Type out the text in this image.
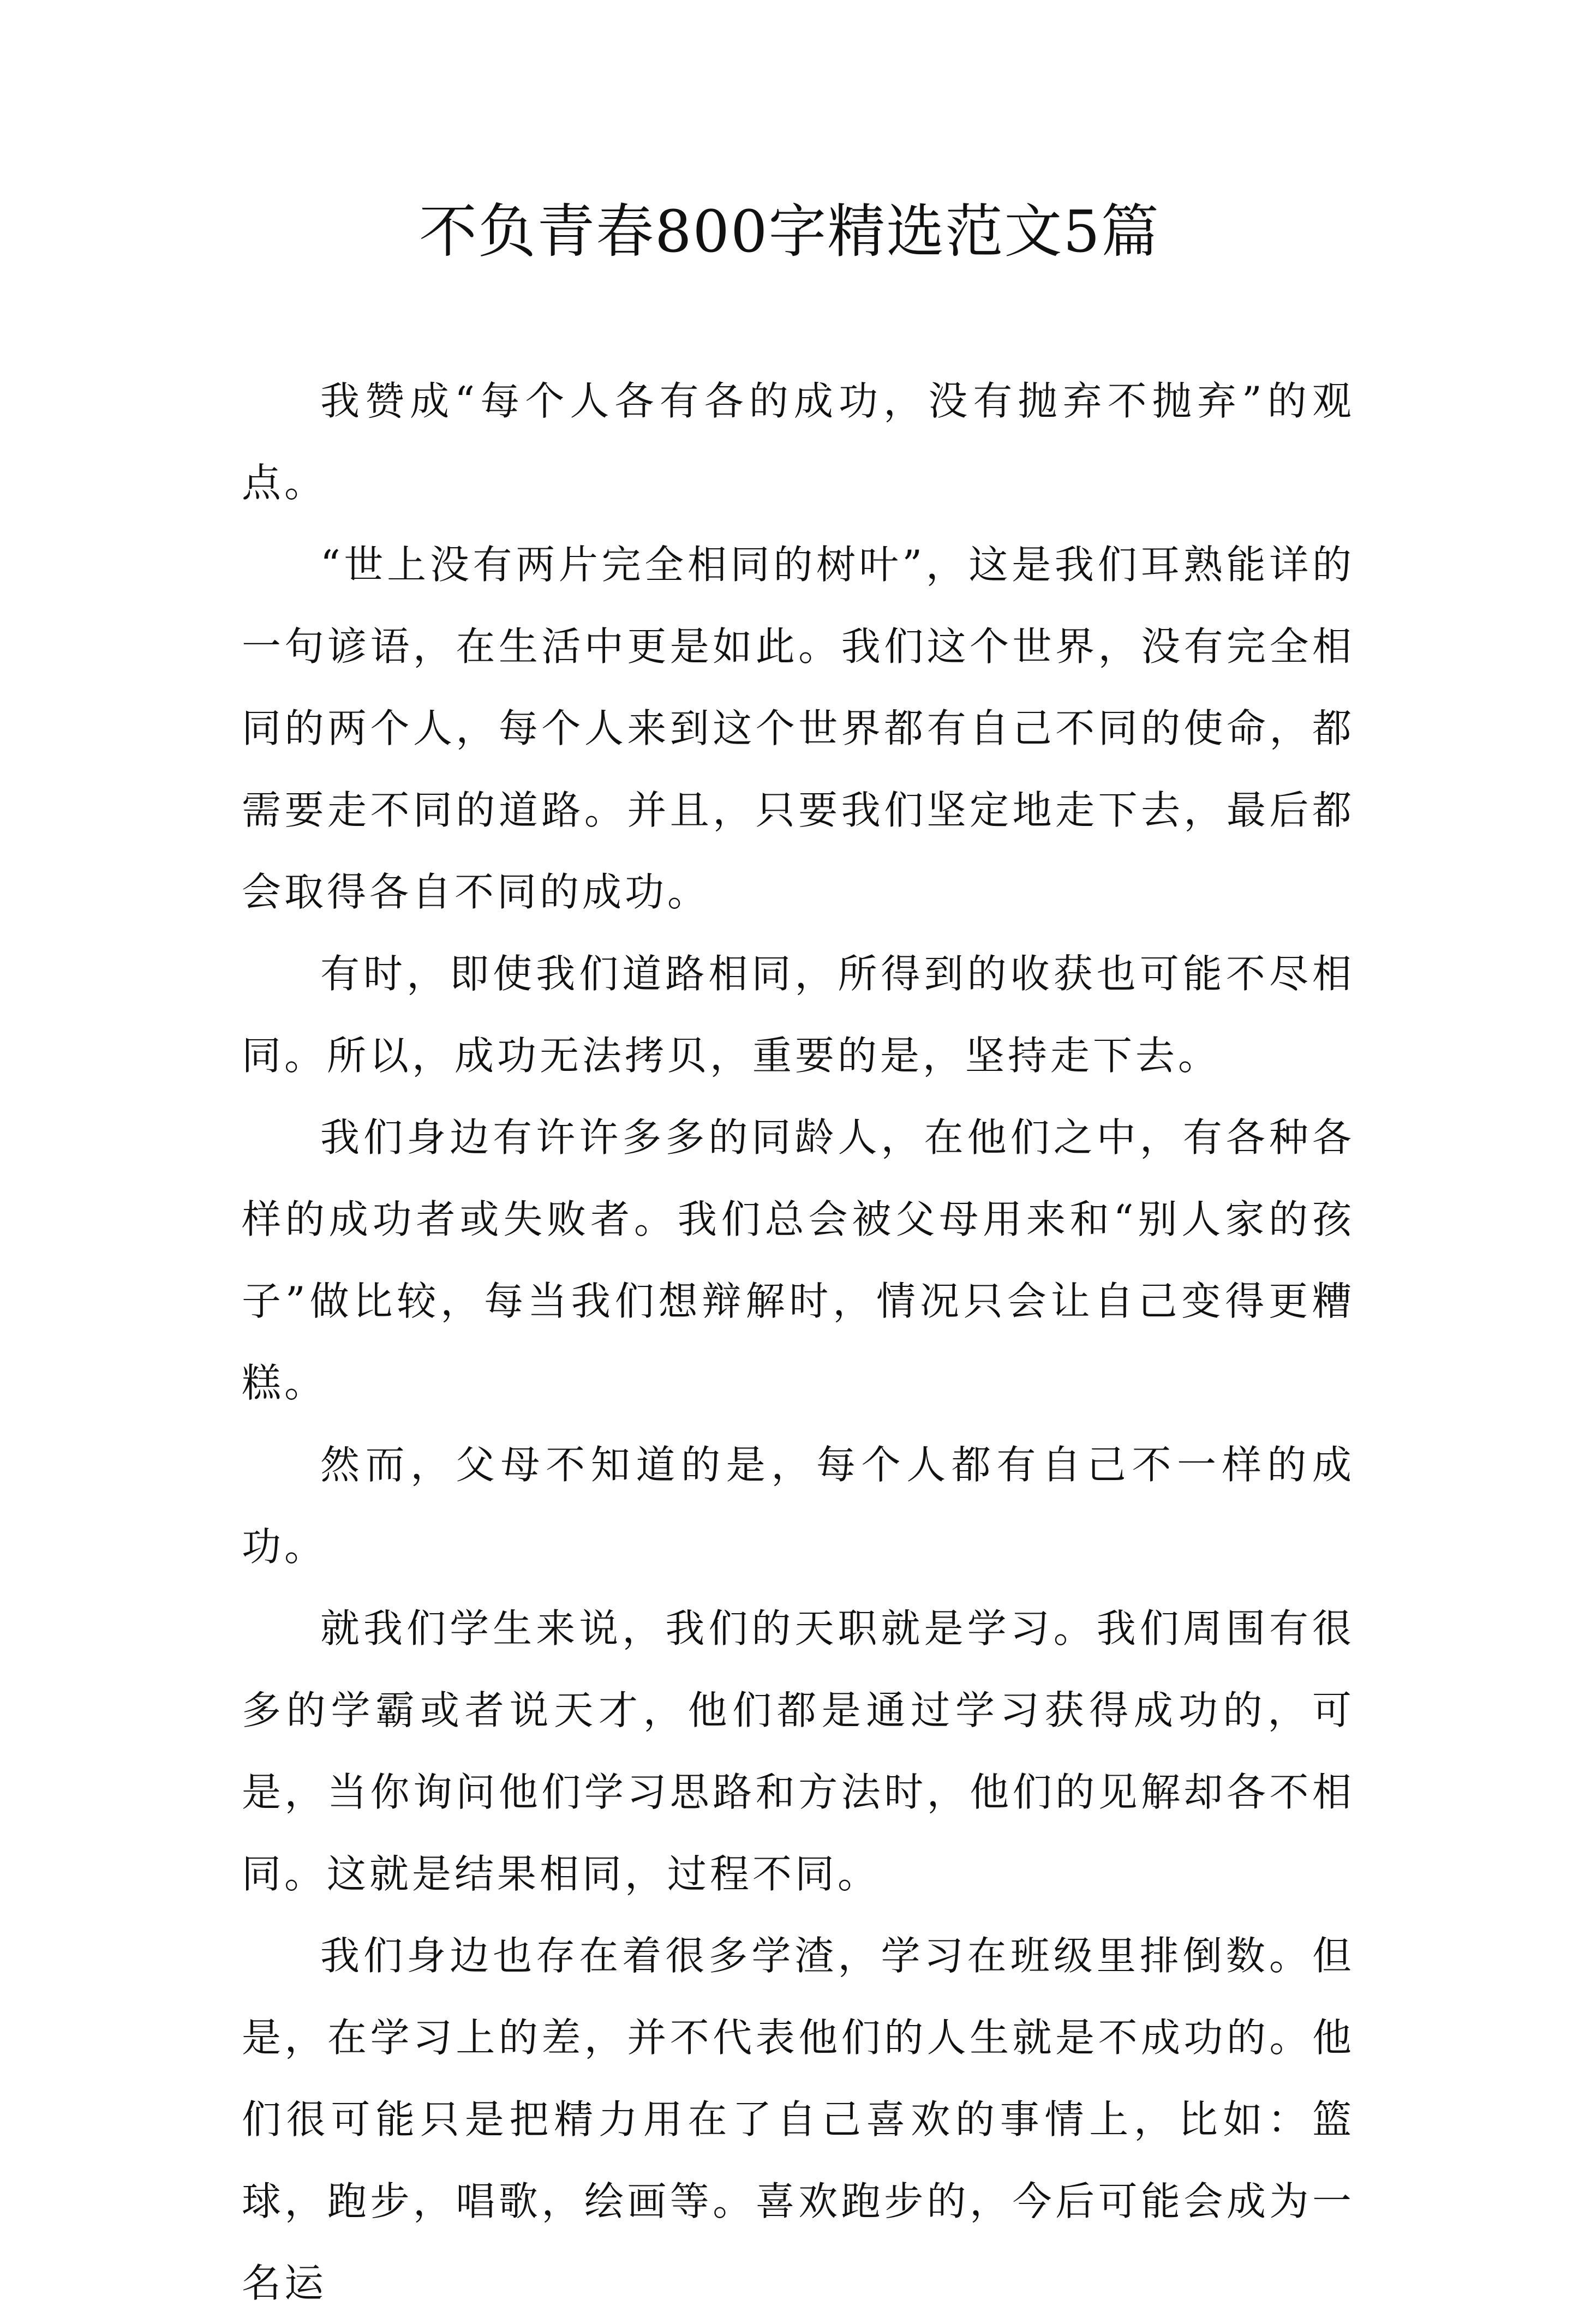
不负青春800字精选范文5篇

我赞成“每个人各有各的成功，没有抛弃不抛弃”的观点。

“世上没有两片完全相同的树叶”，这是我们耳熟能详的一句谚语，在生活中更是如此。我们这个世界，没有完全相同的两个人，每个人来到这个世界都有自己不同的使命，都需要走不同的道路。并且，只要我们坚定地走下去，最后都会取得各自不同的成功。

有时，即使我们道路相同，所得到的收获也可能不尽相同。所以，成功无法拷贝，重要的是，坚持走下去。

我们身边有许许多多的同龄人，在他们之中，有各种各样的成功者或失败者。我们总会被父母用来和“别人家的孩子”做比较，每当我们想辩解时，情况只会让自己变得更糟糕。

然而，父母不知道的是，每个人都有自己不一样的成功。

就我们学生来说，我们的天职就是学习。我们周围有很多的学霸或者说天才，他们都是通过学习获得成功的，可是，当你询问他们学习思路和方法时，他们的见解却各不相同。这就是结果相同，过程不同。

我们身边也存在着很多学渣，学习在班级里排倒数。但是，在学习上的差，并不代表他们的人生就是不成功的。他们很可能只是把精力用在了自己喜欢的事情上，比如：篮球，跑步，唱歌，绘画等。喜欢跑步的，今后可能会成为一名运
